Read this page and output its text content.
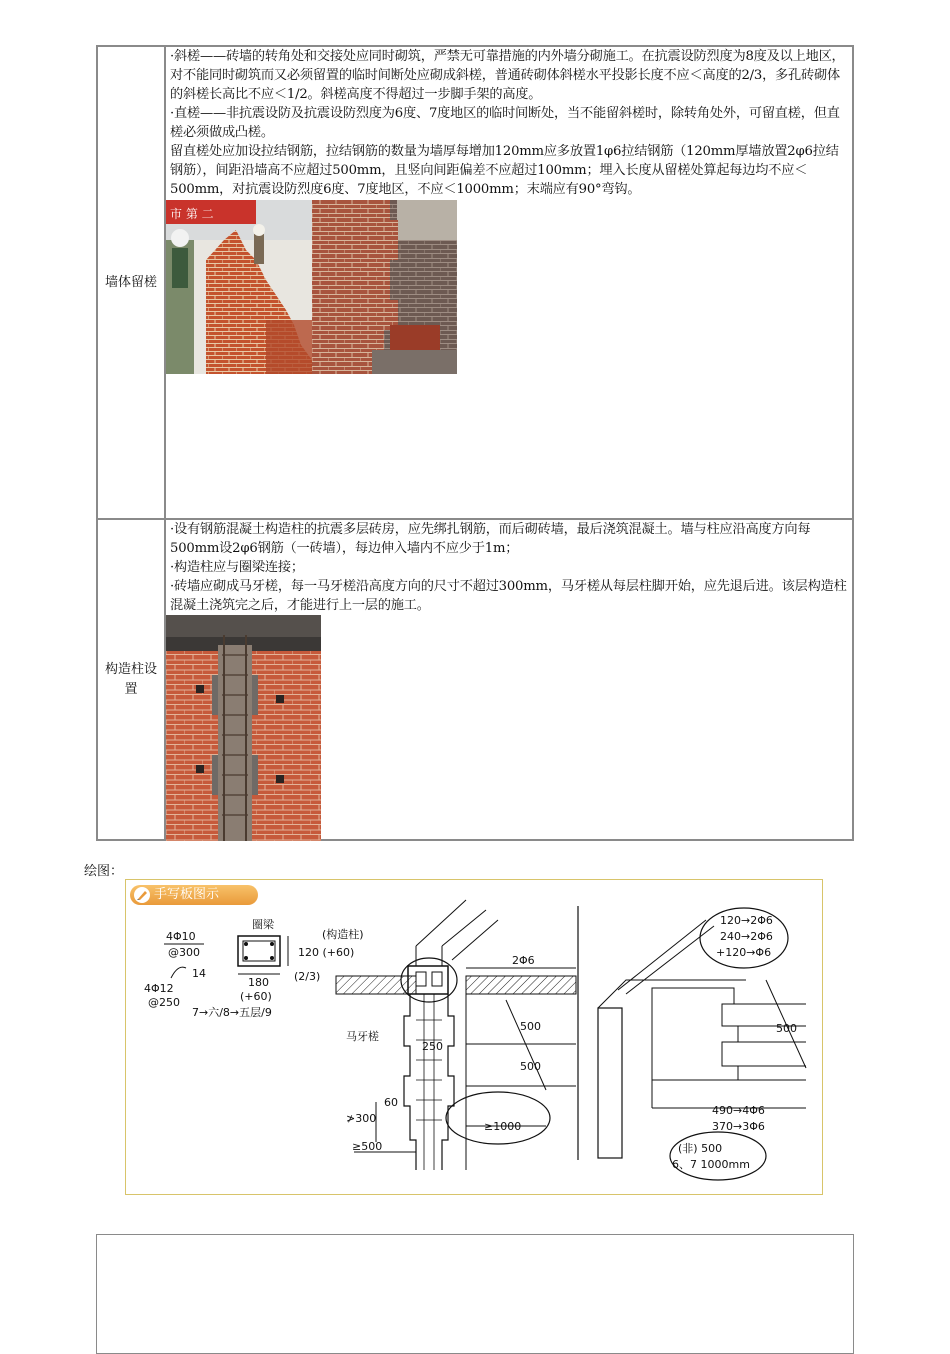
墙体留槎

·斜槎——砖墙的转角处和交接处应同时砌筑，严禁无可靠措施的内外墙分砌施工。在抗震设防烈度为8度及以上地区，对不能同时砌筑而又必须留置的临时间断处应砌成斜槎，普通砖砌体斜槎水平投影长度不应＜高度的2/3，多孔砖砌体的斜槎长高比不应＜1/2。斜槎高度不得超过一步脚手架的高度。

·直槎——非抗震设防及抗震设防烈度为6度、7度地区的临时间断处，当不能留斜槎时，除转角处外，可留直槎，但直槎必须做成凸槎。

留直槎处应加设拉结钢筋，拉结钢筋的数量为墙厚每增加120mm应多放置1φ6拉结钢筋（120mm厚墙放置2φ6拉结钢筋），间距沿墙高不应超过500mm，且竖向间距偏差不应超过100mm；埋入长度从留槎处算起每边均不应＜500mm，对抗震设防烈度6度、7度地区，不应＜1000mm；末端应有90°弯钩。

市 第 二
构造柱设
置

·设有钢筋混凝土构造柱的抗震多层砖房，应先绑扎钢筋，而后砌砖墙，最后浇筑混凝土。墙与柱应沿高度方向每500mm设2φ6钢筋（一砖墙），每边伸入墙内不应少于1m；

·构造柱应与圈梁连接；

·砖墙应砌成马牙槎，每一马牙槎沿高度方向的尺寸不超过300mm，马牙槎从每层柱脚开始，应先退后进。该层构造柱混凝土浇筑完之后，才能进行上一层的施工。

绘图：
手写板图示
4Φ10
@300
14
4Φ12
@250
7→六/8→五层/9
圈梁
180
(+60)
120 (+60)
(2/3)
(构造柱)
2Φ6
马牙槎
250
500
500
≥1000
60
≯300
≥500
120→2Φ6
240→2Φ6
+120→Φ6
500
490→4Φ6
370→3Φ6
(非) 500
6、7 1000mm
